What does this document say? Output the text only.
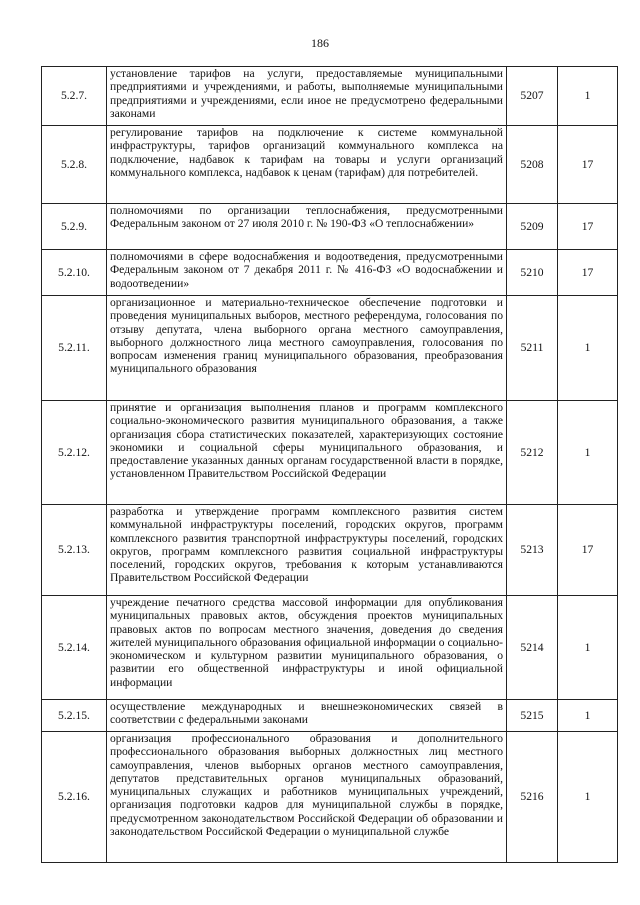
186
5.2.7.	установление тарифов на услуги, предоставляемые муниципальными предприятиями и учреждениями, и работы, выполняемые муниципальными предприятиями и учреждениями, если иное не предусмотрено федеральными законами	5207	1
5.2.8.	регулирование тарифов на подключение к системе коммунальной инфраструктуры, тарифов организаций коммунального комплекса на подключение, надбавок к тарифам на товары и услуги организаций коммунального комплекса, надбавок к ценам (тарифам) для потребителей.	5208	17
5.2.9.	полномочиями по организации теплоснабжения, предусмотренными Федеральным законом от 27 июля 2010 г. № 190-ФЗ «О теплоснабжении»	5209	17
5.2.10.	полномочиями в сфере водоснабжения и водоотведения, предусмотренными Федеральным законом от 7 декабря 2011 г. № 416-ФЗ «О водоснабжении и водоотведении»	5210	17
5.2.11.	организационное и материально-техническое обеспечение подготовки и проведения муниципальных выборов, местного референдума, голосования по отзыву депутата, члена выборного органа местного самоуправления, выборного должностного лица местного самоуправления, голосования по вопросам изменения границ муниципального образования, преобразования муниципального образования	5211	1
5.2.12.	принятие и организация выполнения планов и программ комплексного социально-экономического развития муниципального образования, а также организация сбора статистических показателей, характеризующих состояние экономики и социальной сферы муниципального образования, и предоставление указанных данных органам государственной власти в порядке, установленном Правительством Российской Федерации	5212	1
5.2.13.	разработка и утверждение программ комплексного развития систем коммунальной инфраструктуры поселений, городских округов, программ комплексного развития транспортной инфраструктуры поселений, городских округов, программ комплексного развития социальной инфраструктуры поселений, городских округов, требования к которым устанавливаются Правительством Российской Федерации	5213	17
5.2.14.	учреждение печатного средства массовой информации для опубликования муниципальных правовых актов, обсуждения проектов муниципальных правовых актов по вопросам местного значения, доведения до сведения жителей муниципального образования официальной информации о социально-экономическом и культурном развитии муниципального образования, о развитии его общественной инфраструктуры и иной официальной информации	5214	1
5.2.15.	осуществление международных и внешнеэкономических связей в соответствии с федеральными законами	5215	1
5.2.16.	организация профессионального образования и дополнительного профессионального образования выборных должностных лиц местного самоуправления, членов выборных органов местного самоуправления, депутатов представительных органов муниципальных образований, муниципальных служащих и работников муниципальных учреждений, организация подготовки кадров для муниципальной службы в порядке, предусмотренном законодательством Российской Федерации об образовании и законодательством Российской Федерации о муниципальной службе	5216	1
